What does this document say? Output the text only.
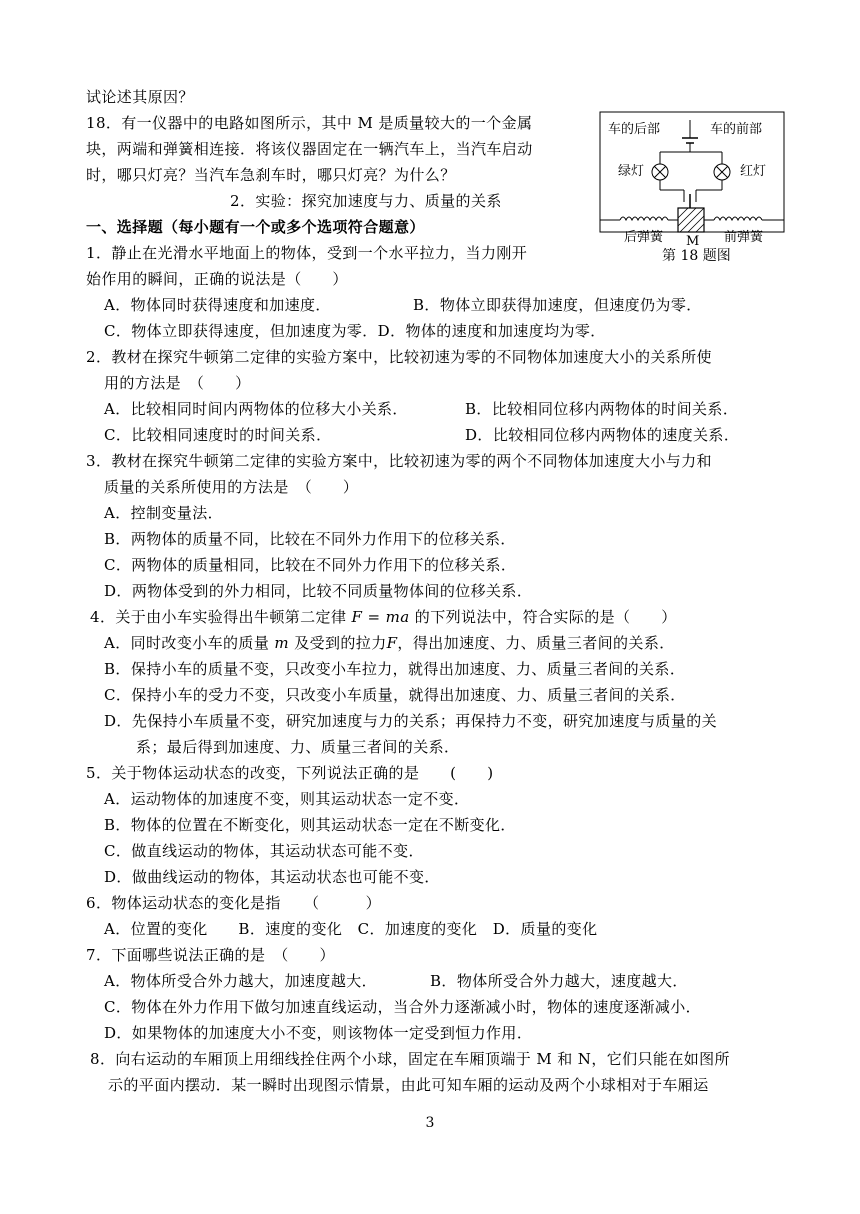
试论述其原因？
18．有一仪器中的电路如图所示，其中 M 是质量较大的一个金属
块，两端和弹簧相连接．将该仪器固定在一辆汽车上，当汽车启动
时，哪只灯亮？当汽车急刹车时，哪只灯亮？为什么？
2．实验：探究加速度与力、质量的关系
一、选择题（每小题有一个或多个选项符合题意）
1．静止在光滑水平地面上的物体，受到一个水平拉力，当力刚开
始作用的瞬间，正确的说法是（　　）
A．物体同时获得速度和加速度．	B．物体立即获得加速度，但速度仍为零．
C．物体立即获得速度，但加速度为零．D．物体的速度和加速度均为零．
2．教材在探究牛顿第二定律的实验方案中，比较初速为零的不同物体加速度大小的关系所使
用的方法是　（　　）
A．比较相同时间内两物体的位移大小关系．	B．比较相同位移内两物体的时间关系．
C．比较相同速度时的时间关系．	D．比较相同位移内两物体的速度关系．
3．教材在探究牛顿第二定律的实验方案中，比较初速为零的两个不同物体加速度大小与力和
质量的关系所使用的方法是　（　　）
A．控制变量法．
B．两物体的质量不同，比较在不同外力作用下的位移关系．
C．两物体的质量相同，比较在不同外力作用下的位移关系．
D．两物体受到的外力相同，比较不同质量物体间的位移关系．
4．关于由小车实验得出牛顿第二定律 F = ma 的下列说法中，符合实际的是（　　）
A．同时改变小车的质量 m 及受到的拉力F，得出加速度、力、质量三者间的关系．
B．保持小车的质量不变，只改变小车拉力，就得出加速度、力、质量三者间的关系．
C．保持小车的受力不变，只改变小车质量，就得出加速度、力、质量三者间的关系．
D．先保持小车质量不变，研究加速度与力的关系；再保持力不变，研究加速度与质量的关
系；最后得到加速度、力、质量三者间的关系．
5．关于物体运动状态的改变，下列说法正确的是　　(　　)
A．运动物体的加速度不变，则其运动状态一定不变．
B．物体的位置在不断变化，则其运动状态一定在不断变化．
C．做直线运动的物体，其运动状态可能不变．
D．做曲线运动的物体，其运动状态也可能不变．
6．物体运动状态的变化是指　　（　　　）
A．位置的变化　　B．速度的变化　C．加速度的变化　D．质量的变化
7．下面哪些说法正确的是　（　　）
A．物体所受合外力越大，加速度越大．	B．物体所受合外力越大，速度越大．
C．物体在外力作用下做匀加速直线运动，当合外力逐渐减小时，物体的速度逐渐减小．
D．如果物体的加速度大小不变，则该物体一定受到恒力作用．
8．向右运动的车厢顶上用细线拴住两个小球，固定在车厢顶端于 M 和 N，它们只能在如图所
示的平面内摆动．某一瞬时出现图示情景，由此可知车厢的运动及两个小球相对于车厢运
车的后部	车的前部
绿灯	红灯
后弹簧 M 前弹簧
第 18 题图
3
